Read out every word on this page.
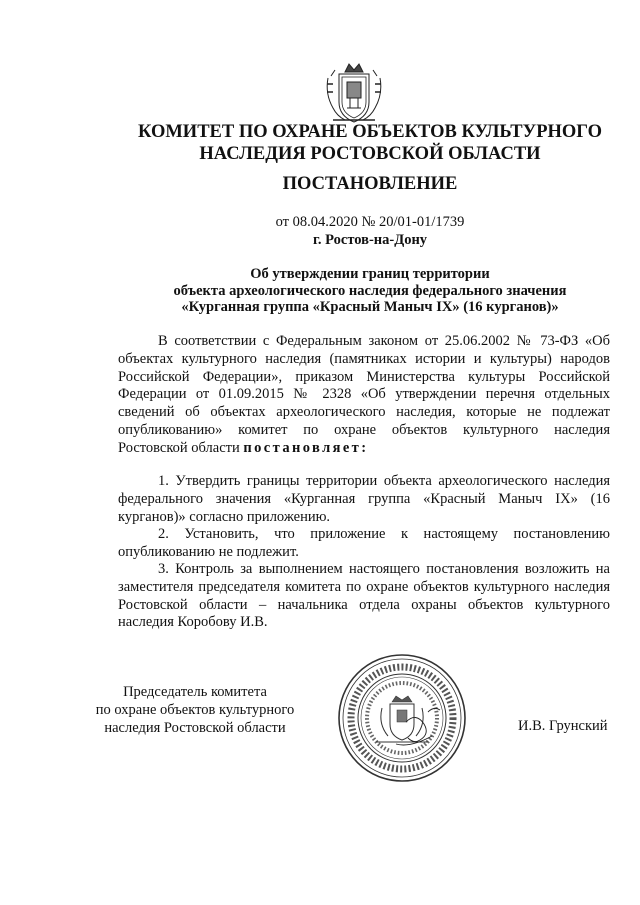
КОМИТЕТ ПО ОХРАНЕ ОБЪЕКТОВ КУЛЬТУРНОГО
НАСЛЕДИЯ РОСТОВСКОЙ ОБЛАСТИ
ПОСТАНОВЛЕНИЕ
от 08.04.2020 № 20/01-01/1739
г. Ростов-на-Дону
Об утверждении границ территории
объекта археологического наследия федерального значения
«Курганная группа «Красный Маныч IX» (16 курганов)»

В соответствии с Федеральным законом от 25.06.2002 № 73-ФЗ «Об объектах культурного наследия (памятниках истории и культуры) народов Российской Федерации», приказом Министерства культуры Российской Федерации от 01.09.2015 № 2328 «Об утверждении перечня отдельных сведений об объектах археологического наследия, которые не подлежат опубликованию» комитет по охране объектов культурного наследия Ростовской области постановляет:

1. Утвердить границы территории объекта археологического наследия федерального значения «Курганная группа «Красный Маныч IX» (16 курганов)» согласно приложению.

2. Установить, что приложение к настоящему постановлению опубликованию не подлежит.

3. Контроль за выполнением настоящего постановления возложить на заместителя председателя комитета по охране объектов культурного наследия Ростовской области – начальника отдела охраны объектов культурного наследия Коробову И.В.

Председатель комитета
по охране объектов культурного
наследия Ростовской области	И.В. Грунский
